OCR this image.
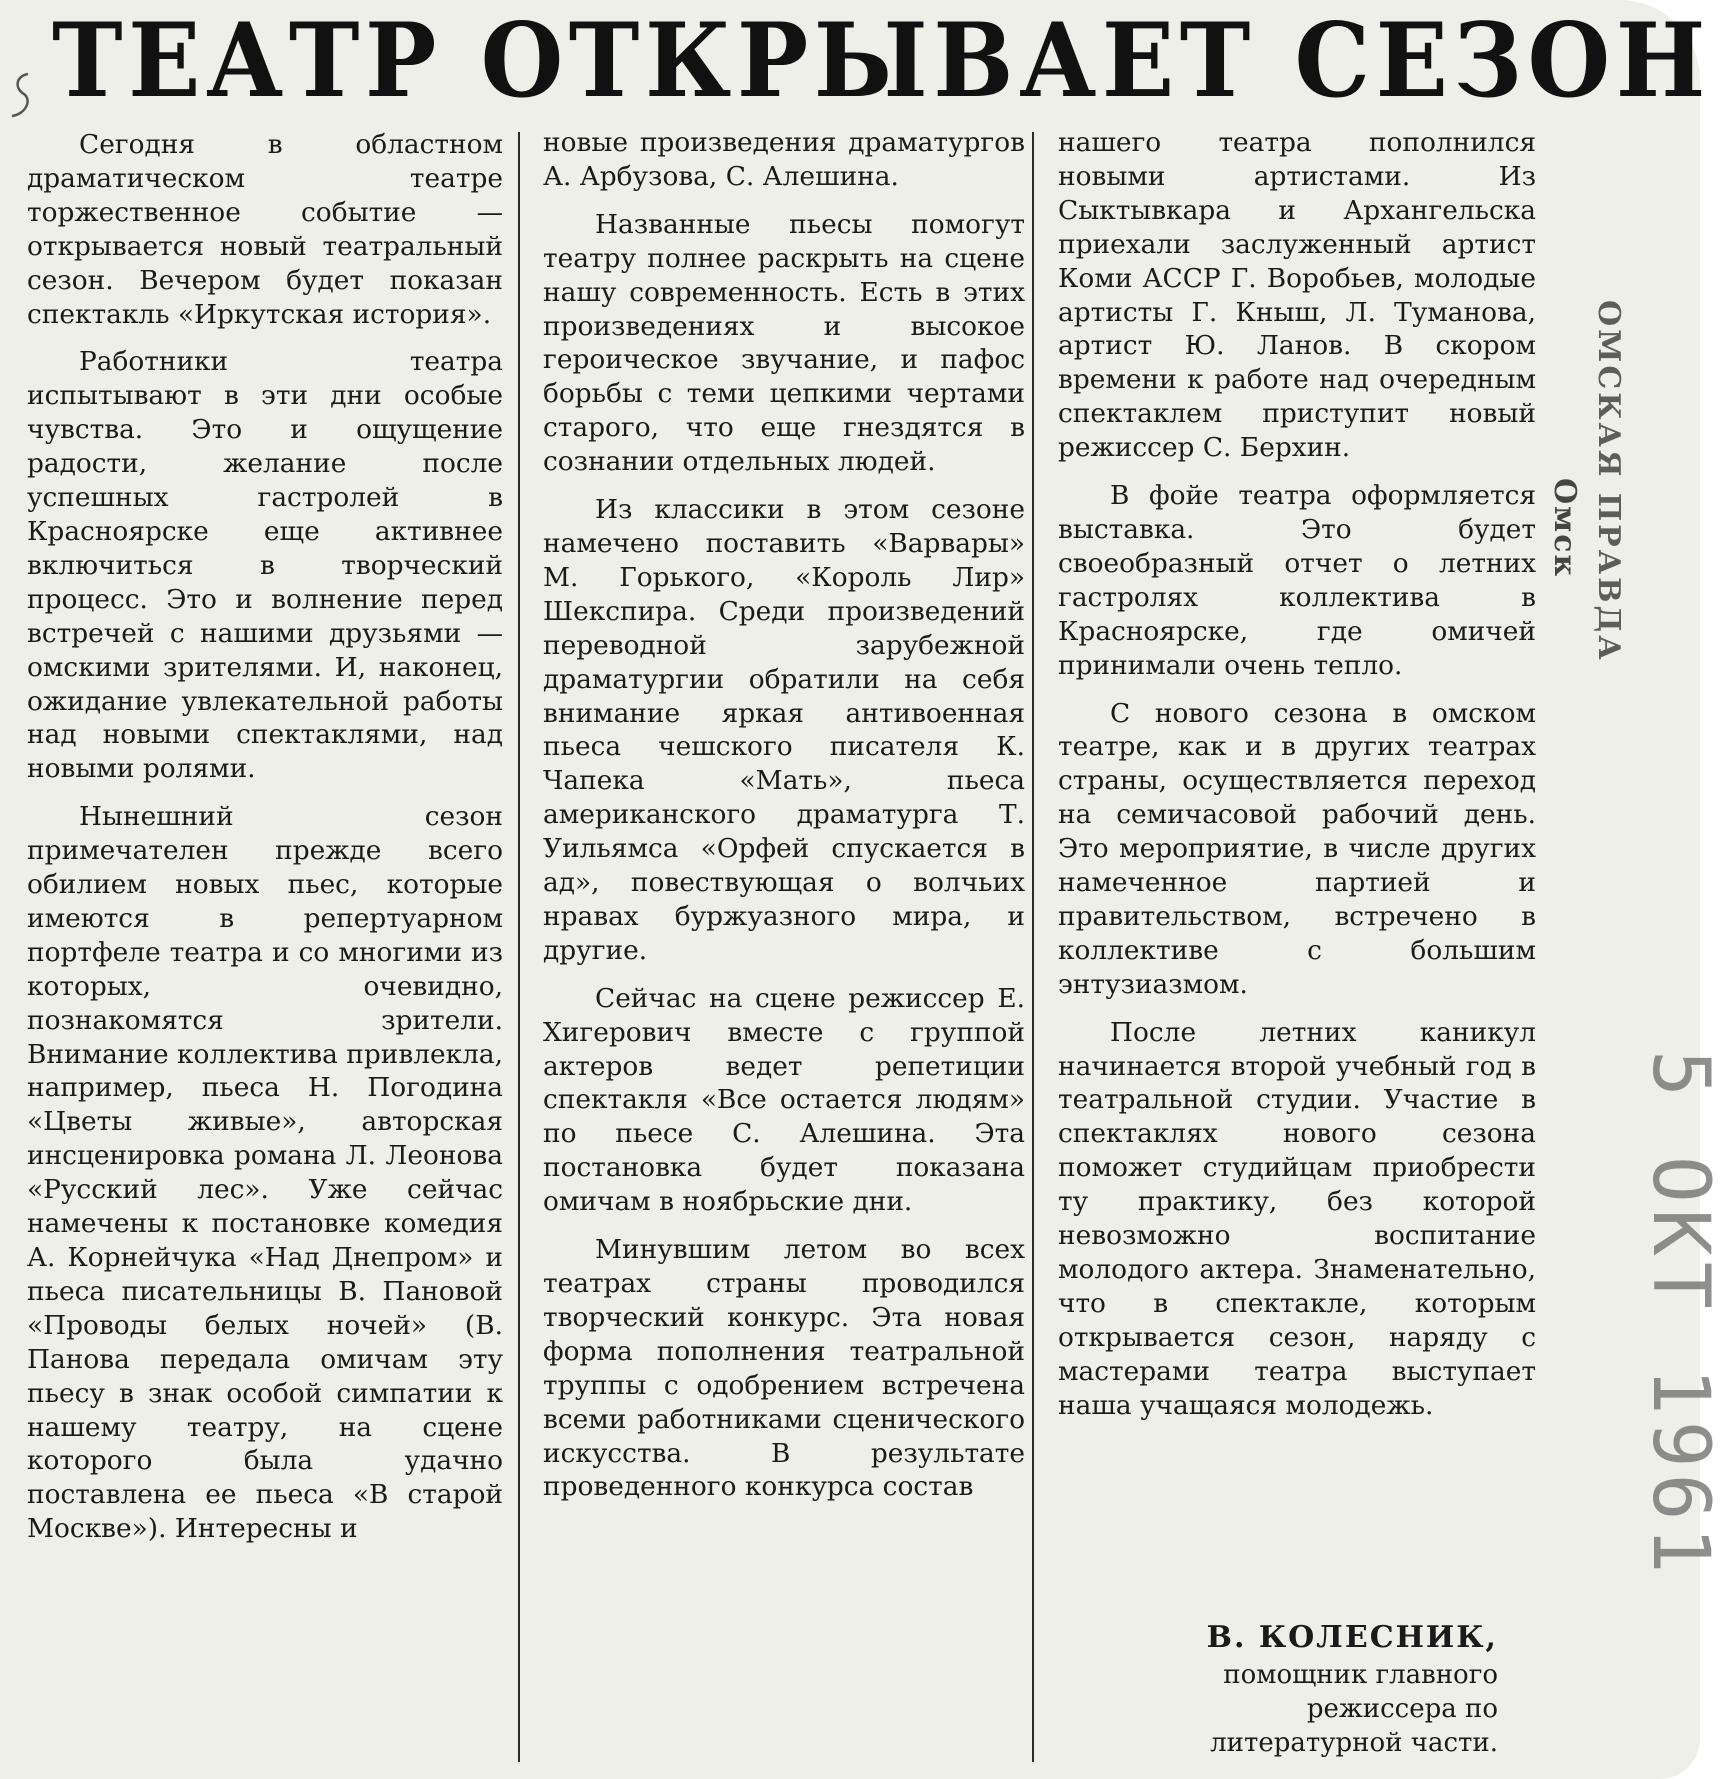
ТЕАТР ОТКРЫВАЕТ СЕЗОН

Сегодня в областном драматическом театре торжественное событие — открывается новый театральный сезон. Вечером будет показан спектакль «Иркутская история».

Работники театра испытывают в эти дни особые чувства. Это и ощущение радости, желание после успешных гастролей в Красноярске еще активнее включиться в творческий процесс. Это и волнение перед встречей с нашими друзьями — омскими зрителями. И, наконец, ожидание увлекательной работы над новыми спектаклями, над новыми ролями.

Нынешний сезон примечателен прежде всего обилием новых пьес, которые имеются в репертуарном портфеле театра и со многими из которых, очевидно, познакомятся зрители. Внимание коллектива привлекла, например, пьеса Н. Погодина «Цветы живые», авторская инсценировка романа Л. Леонова «Русский лес». Уже сейчас намечены к постановке комедия А. Корнейчука «Над Днепром» и пьеса писательницы В. Пановой «Проводы белых ночей» (В. Панова передала омичам эту пьесу в знак особой симпатии к нашему театру, на сцене которого была удачно поставлена ее пьеса «В старой Москве»). Интересны и

новые произведения драматургов А. Арбузова, С. Алешина.

Названные пьесы помогут театру полнее раскрыть на сцене нашу современность. Есть в этих произведениях и высокое героическое звучание, и пафос борьбы с теми цепкими чертами старого, что еще гнездятся в сознании отдельных людей.

Из классики в этом сезоне намечено поставить «Варвары» М. Горького, «Король Лир» Шекспира. Среди произведений переводной зарубежной драматургии обратили на себя внимание яркая антивоенная пьеса чешского писателя К. Чапека «Мать», пьеса американского драматурга Т. Уильямса «Орфей спускается в ад», повествующая о волчьих нравах буржуазного мира, и другие.

Сейчас на сцене режиссер Е. Хигерович вместе с группой актеров ведет репетиции спектакля «Все остается людям» по пьесе С. Алешина. Эта постановка будет показана омичам в ноябрьские дни.

Минувшим летом во всех театрах страны проводился творческий конкурс. Эта новая форма пополнения театральной труппы с одобрением встречена всеми работниками сценического искусства. В результате проведенного конкурса состав

нашего театра пополнился новыми артистами. Из Сыктывкара и Архангельска приехали заслуженный артист Коми АССР Г. Воробьев, молодые артисты Г. Кныш, Л. Туманова, артист Ю. Ланов. В скором времени к работе над очередным спектаклем приступит новый режиссер С. Берхин.

В фойе театра оформляется выставка. Это будет своеобразный отчет о летних гастролях коллектива в Красноярске, где омичей принимали очень тепло.

С нового сезона в омском театре, как и в других театрах страны, осуществляется переход на семичасовой рабочий день. Это мероприятие, в числе других намеченное партией и правительством, встречено в коллективе с большим энтузиазмом.

После летних каникул начинается второй учебный год в театральной студии. Участие в спектаклях нового сезона поможет студийцам приобрести ту практику, без которой невозможно воспитание молодого актера. Знаменательно, что в спектакле, которым открывается сезон, наряду с мастерами театра выступает наша учащаяся молодежь.

В. КОЛЕСНИК,
помощник главного
режиссера по
литературной части.
ОМСКАЯ ПРАВДА
Омск
5 ОКТ 1961
